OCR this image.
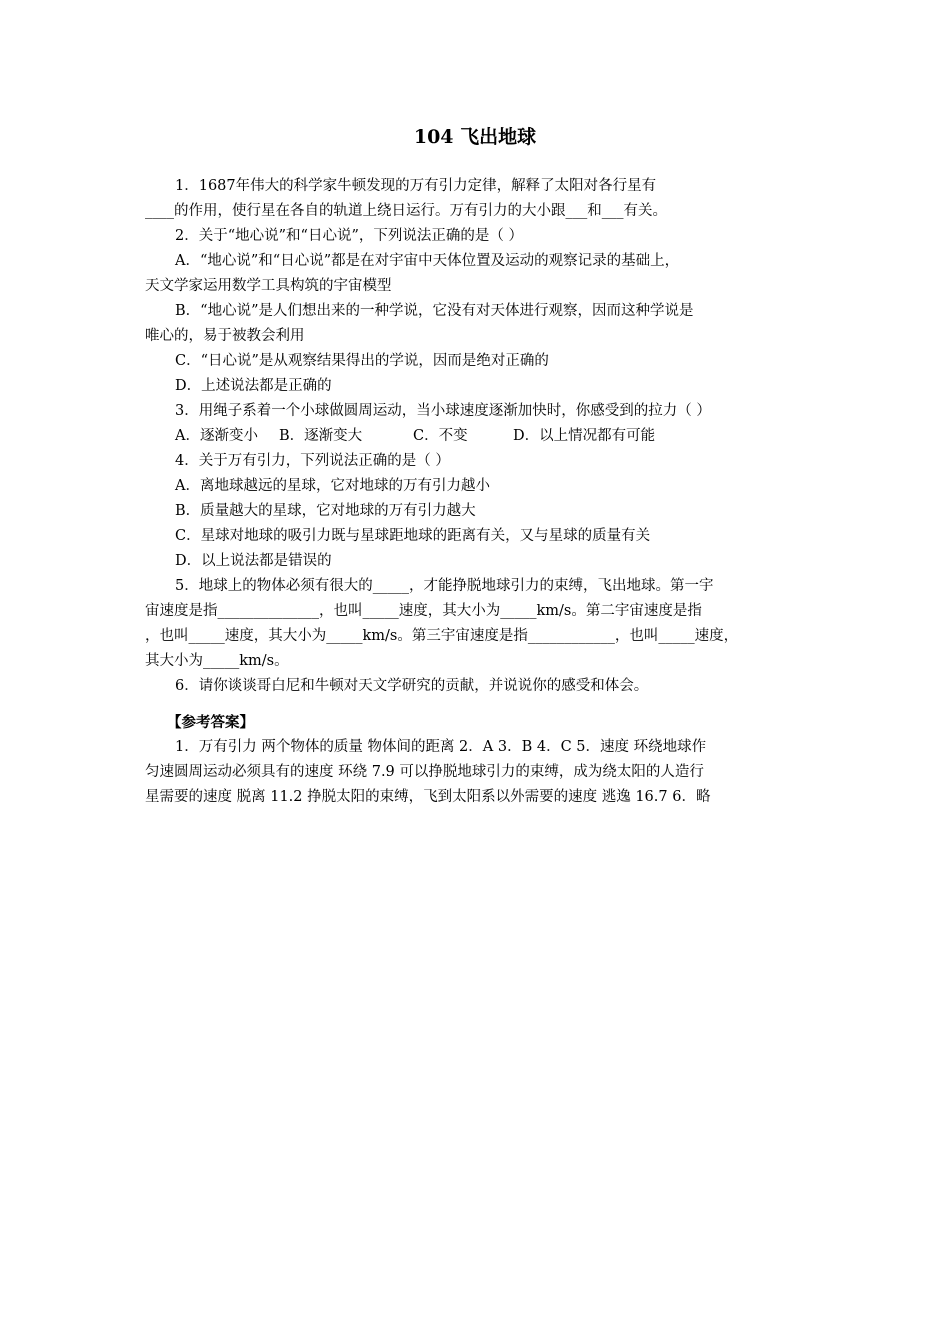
104 飞出地球

1．1687年伟大的科学家牛顿发现的万有引力定律，解释了太阳对各行星有

____的作用，使行星在各自的轨道上绕日运行。万有引力的大小跟___和___有关。

2．关于“地心说”和“日心说”，下列说法正确的是（ ）

A．“地心说”和“日心说”都是在对宇宙中天体位置及运动的观察记录的基础上，

天文学家运用数学工具构筑的宇宙模型

B．“地心说”是人们想出来的一种学说，它没有对天体进行观察，因而这种学说是

唯心的，易于被教会利用

C．“日心说”是从观察结果得出的学说，因而是绝对正确的

D．上述说法都是正确的

3．用绳子系着一个小球做圆周运动，当小球速度逐渐加快时，你感受到的拉力（ ）

A．逐渐变小 B．逐渐变大	C．不变	D．以上情况都有可能

4．关于万有引力，下列说法正确的是（ ）

A．离地球越远的星球，它对地球的万有引力越小

B．质量越大的星球，它对地球的万有引力越大

C．星球对地球的吸引力既与星球距地球的距离有关，又与星球的质量有关

D．以上说法都是错误的

5．地球上的物体必须有很大的_____，才能挣脱地球引力的束缚，飞出地球。第一宇

宙速度是指______________，也叫_____速度，其大小为_____km/s。第二宇宙速度是指

，也叫_____速度，其大小为_____km/s。第三宇宙速度是指____________，也叫_____速度，

其大小为_____km/s。

6．请你谈谈哥白尼和牛顿对天文学研究的贡献，并说说你的感受和体会。

【参考答案】

1．万有引力 两个物体的质量 物体间的距离 2．A 3．B 4．C 5．速度 环绕地球作

匀速圆周运动必须具有的速度 环绕 7.9 可以挣脱地球引力的束缚，成为绕太阳的人造行

星需要的速度 脱离 11.2 挣脱太阳的束缚，飞到太阳系以外需要的速度 逃逸 16.7 6．略
